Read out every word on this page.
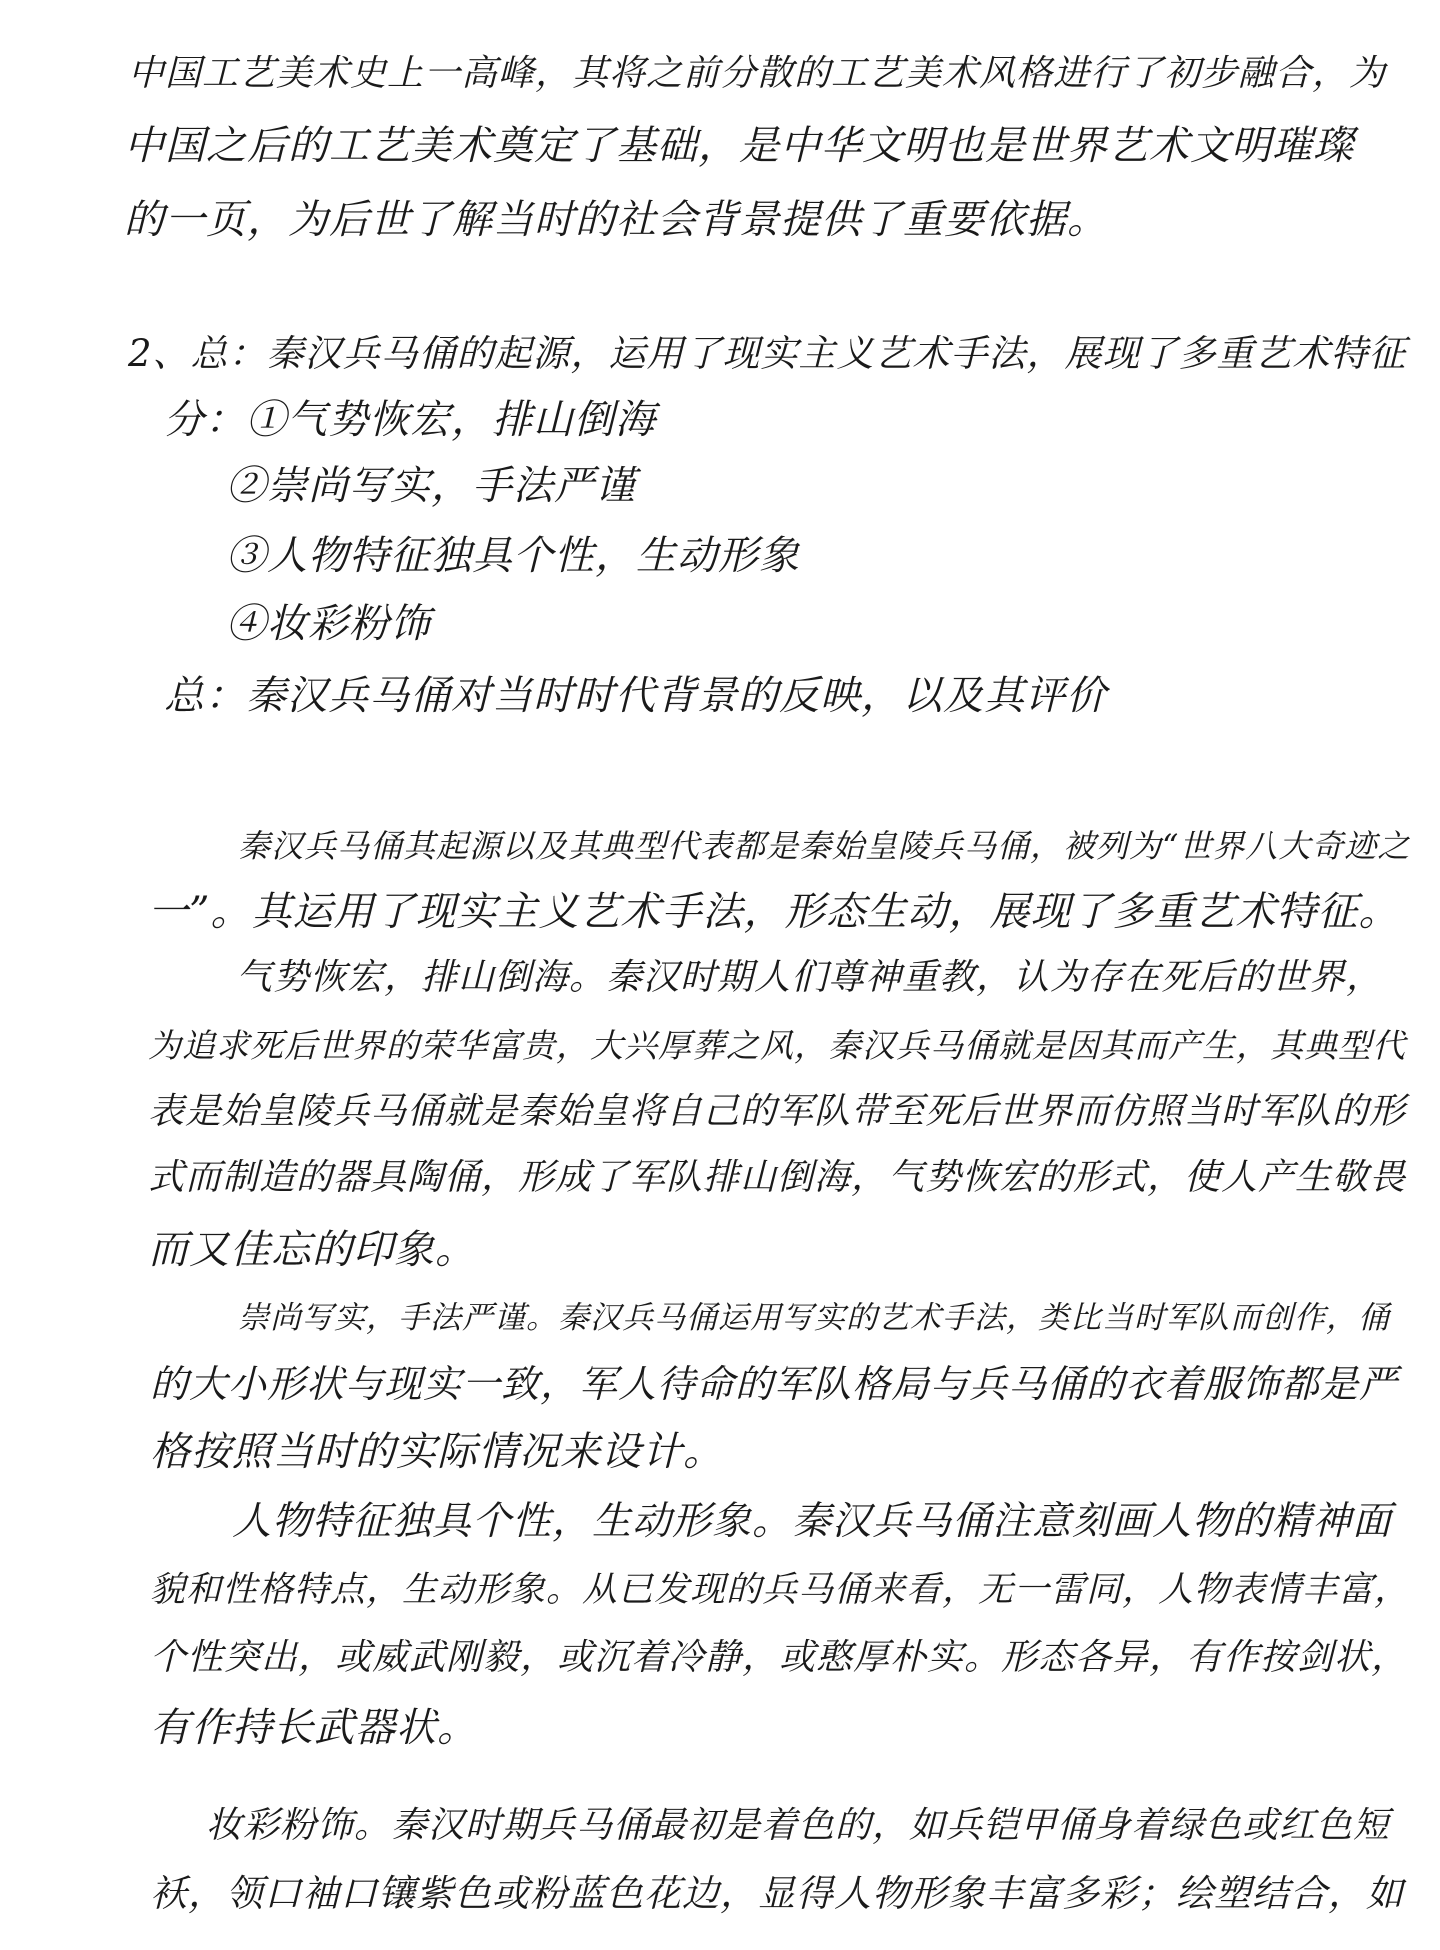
中国工艺美术史上一高峰，其将之前分散的工艺美术风格进行了初步融合，为
中国之后的工艺美术奠定了基础，是中华文明也是世界艺术文明璀璨
的一页，为后世了解当时的社会背景提供了重要依据。
2、总：秦汉兵马俑的起源，运用了现实主义艺术手法，展现了多重艺术特征
分：①气势恢宏，排山倒海
②崇尚写实，手法严谨
③人物特征独具个性，生动形象
④妆彩粉饰
总：秦汉兵马俑对当时时代背景的反映，以及其评价
秦汉兵马俑其起源以及其典型代表都是秦始皇陵兵马俑，被列为“世界八大奇迹之
一”。其运用了现实主义艺术手法，形态生动，展现了多重艺术特征。
气势恢宏，排山倒海。秦汉时期人们尊神重教，认为存在死后的世界，
为追求死后世界的荣华富贵，大兴厚葬之风，秦汉兵马俑就是因其而产生，其典型代
表是始皇陵兵马俑就是秦始皇将自己的军队带至死后世界而仿照当时军队的形
式而制造的器具陶俑，形成了军队排山倒海，气势恢宏的形式，使人产生敬畏
而又佳忘的印象。
崇尚写实，手法严谨。秦汉兵马俑运用写实的艺术手法，类比当时军队而创作，俑
的大小形状与现实一致，军人待命的军队格局与兵马俑的衣着服饰都是严
格按照当时的实际情况来设计。
人物特征独具个性，生动形象。秦汉兵马俑注意刻画人物的精神面
貌和性格特点，生动形象。从已发现的兵马俑来看，无一雷同，人物表情丰富，
个性突出，或威武刚毅，或沉着冷静，或憨厚朴实。形态各异，有作按剑状，
有作持长武器状。
妆彩粉饰。秦汉时期兵马俑最初是着色的，如兵铠甲俑身着绿色或红色短
袄，领口袖口镶紫色或粉蓝色花边，显得人物形象丰富多彩；绘塑结合，如
